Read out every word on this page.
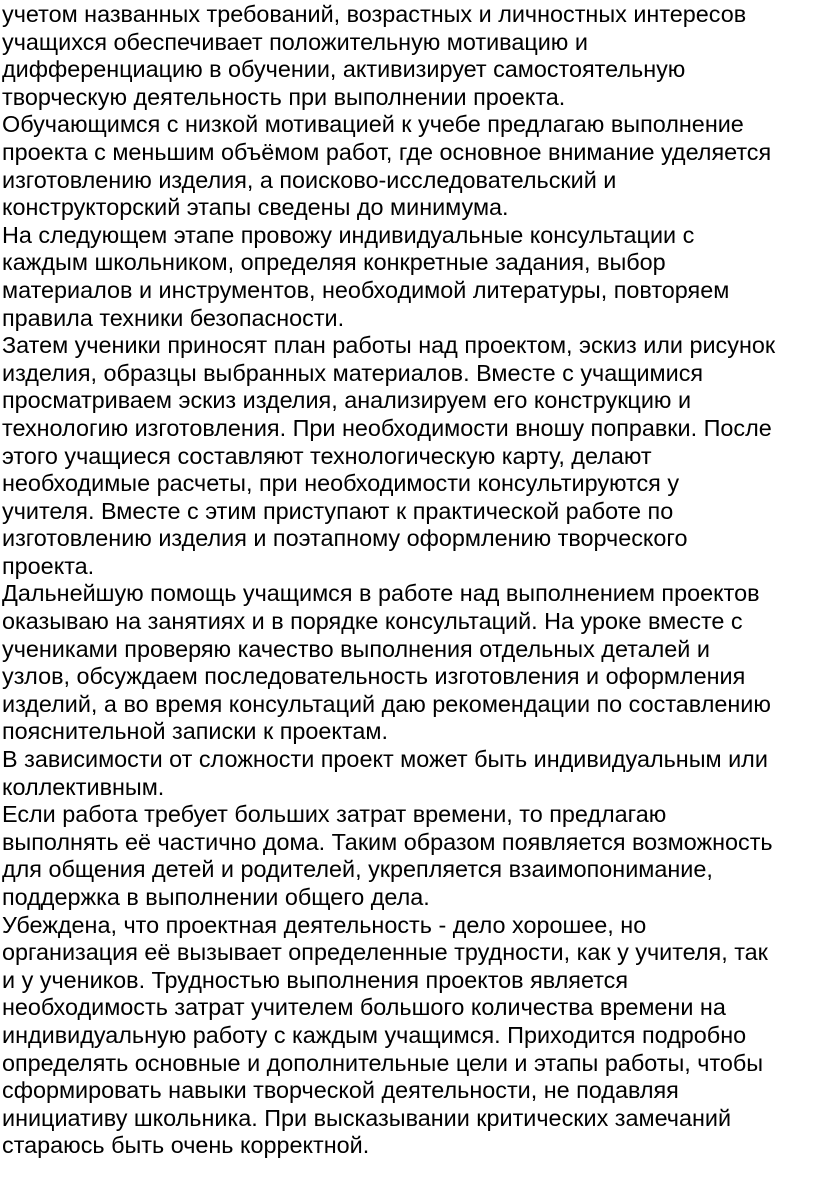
учетом названных требований, возрастных и личностных интересов
учащихся обеспечивает положительную мотивацию и
дифференциацию в обучении, активизирует самостоятельную
творческую деятельность при выполнении проекта.

Обучающимся с низкой мотивацией к учебе предлагаю выполнение
проекта с меньшим объёмом работ, где основное внимание уделяется
изготовлению изделия, а поисково-исследовательский и
конструкторский этапы сведены до минимума.

На следующем этапе провожу индивидуальные консультации с
каждым школьником, определяя конкретные задания, выбор
материалов и инструментов, необходимой литературы, повторяем
правила техники безопасности.

Затем ученики приносят план работы над проектом, эскиз или рисунок
изделия, образцы выбранных материалов. Вместе с учащимися
просматриваем эскиз изделия, анализируем его конструкцию и
технологию изготовления. При необходимости вношу поправки. После
этого учащиеся составляют технологическую карту, делают
необходимые расчеты, при необходимости консультируются у
учителя. Вместе с этим приступают к практической работе по
изготовлению изделия и поэтапному оформлению творческого
проекта.

Дальнейшую помощь учащимся в работе над выполнением проектов
оказываю на занятиях и в порядке консультаций. На уроке вместе с
учениками проверяю качество выполнения отдельных деталей и
узлов, обсуждаем последовательность изготовления и оформления
изделий, а во время консультаций даю рекомендации по составлению
пояснительной записки к проектам.

В зависимости от сложности проект может быть индивидуальным или
коллективным.

Если работа требует больших затрат времени, то предлагаю
выполнять её частично дома. Таким образом появляется возможность
для общения детей и родителей, укрепляется взаимопонимание,
поддержка в выполнении общего дела.

Убеждена, что проектная деятельность - дело хорошее, но
организация её вызывает определенные трудности, как у учителя, так
и у учеников. Трудностью выполнения проектов является
необходимость затрат учителем большого количества времени на
индивидуальную работу с каждым учащимся. Приходится подробно
определять основные и дополнительные цели и этапы работы, чтобы
сформировать навыки творческой деятельности, не подавляя
инициативу школьника. При высказывании критических замечаний
стараюсь быть очень корректной.
